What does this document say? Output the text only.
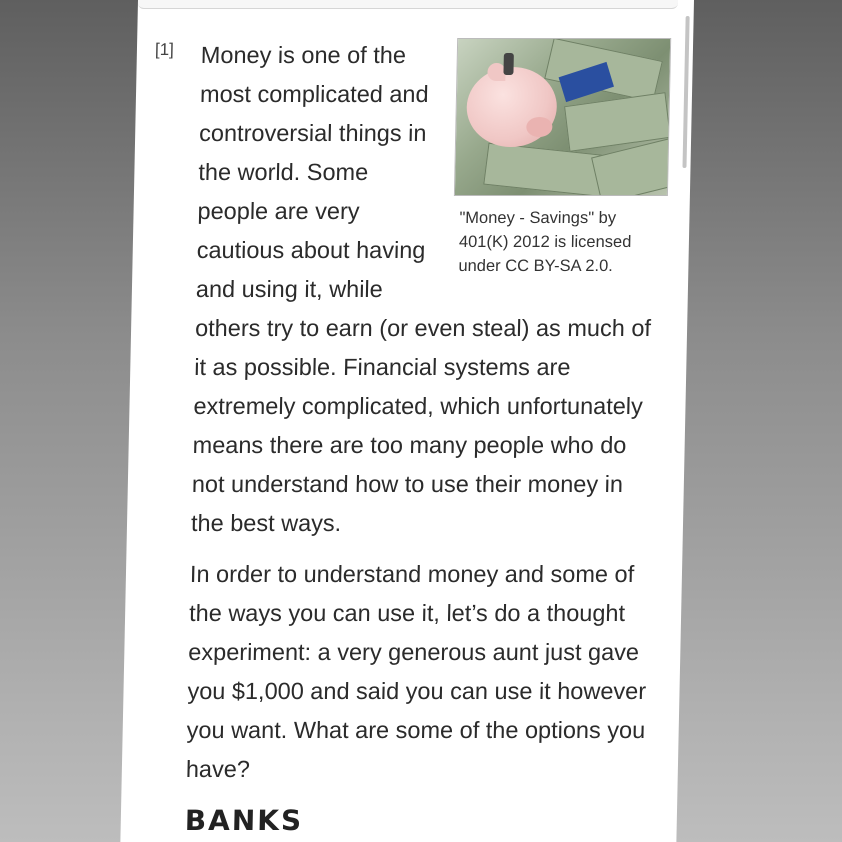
[1]
"Money - Savings" by 401(K) 2012 is licensed under CC BY-SA 2.0.

Money is one of the most complicated and controversial things in the world. Some people are very cautious about having and using it, while others try to earn (or even steal) as much of it as possible. Financial systems are extremely complicated, which unfortunately means there are too many people who do not understand how to use their money in the best ways.

In order to understand money and some of the ways you can use it, let’s do a thought experiment: a very generous aunt just gave you $1,000 and said you can use it however you want. What are some of the options you have?

BANKS
